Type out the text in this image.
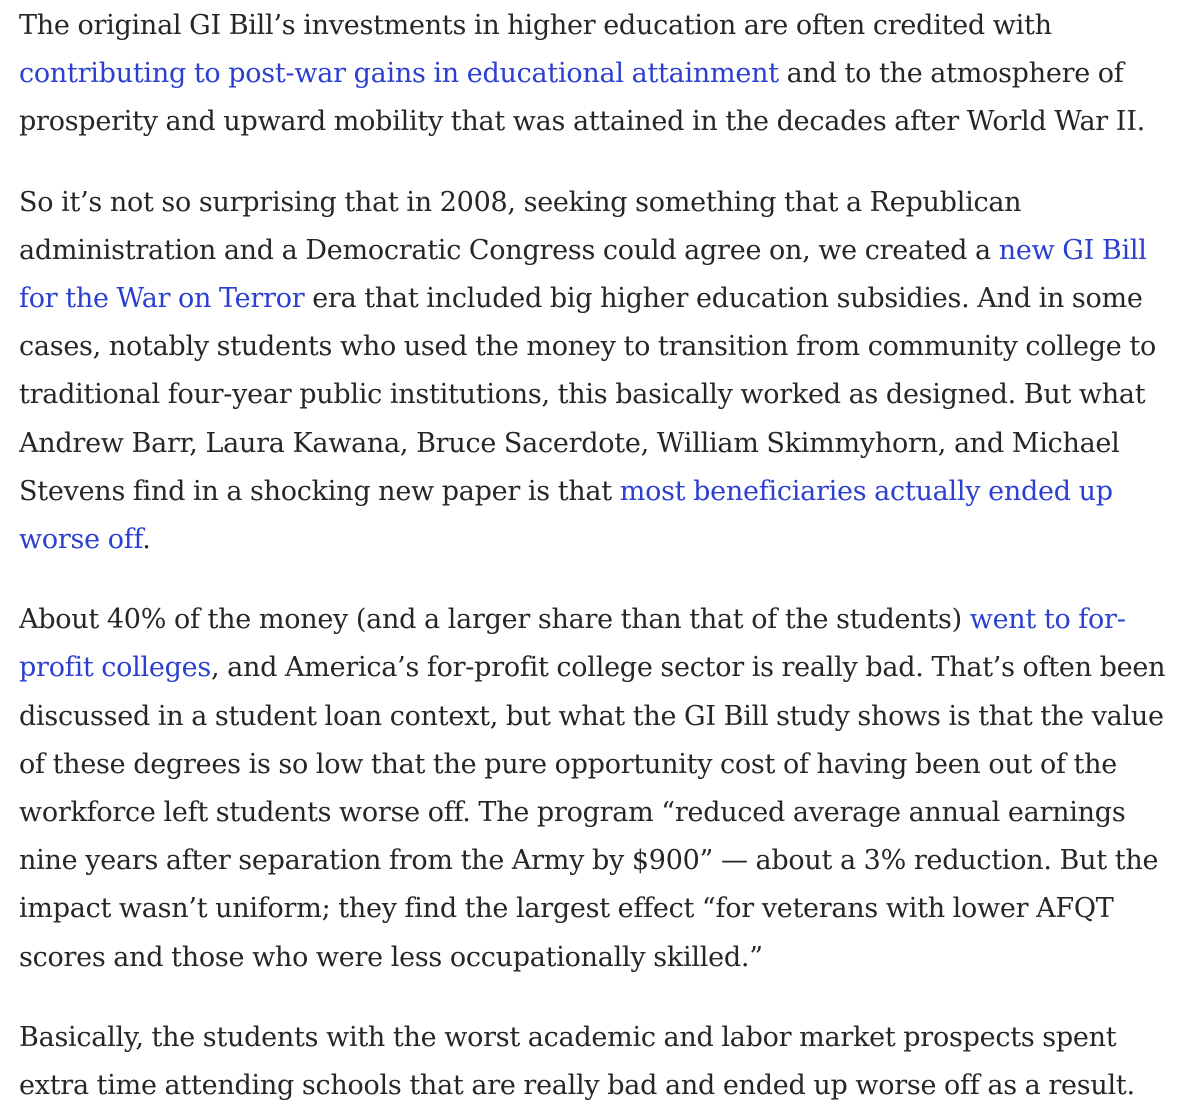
The original GI Bill’s investments in higher education are often credited with contributing to post-war gains in educational attainment and to the atmosphere of prosperity and upward mobility that was attained in the decades after World War II.

So it’s not so surprising that in 2008, seeking something that a Republican administration and a Democratic Congress could agree on, we created a new GI Bill for the War on Terror era that included big higher education subsidies. And in some cases, notably students who used the money to transition from community college to traditional four-year public institutions, this basically worked as designed. But what Andrew Barr, Laura Kawana, Bruce Sacerdote, William Skimmyhorn, and Michael Stevens find in a shocking new paper is that most beneficiaries actually ended up worse off.

About 40% of the money (and a larger share than that of the students) went to for-profit colleges, and America’s for-profit college sector is really bad. That’s often been discussed in a student loan context, but what the GI Bill study shows is that the value of these degrees is so low that the pure opportunity cost of having been out of the workforce left students worse off. The program “reduced average annual earnings nine years after separation from the Army by $900” — about a 3% reduction. But the impact wasn’t uniform; they find the largest effect “for veterans with lower AFQT scores and those who were less occupationally skilled.”

Basically, the students with the worst academic and labor market prospects spent extra time attending schools that are really bad and ended up worse off as a result.
